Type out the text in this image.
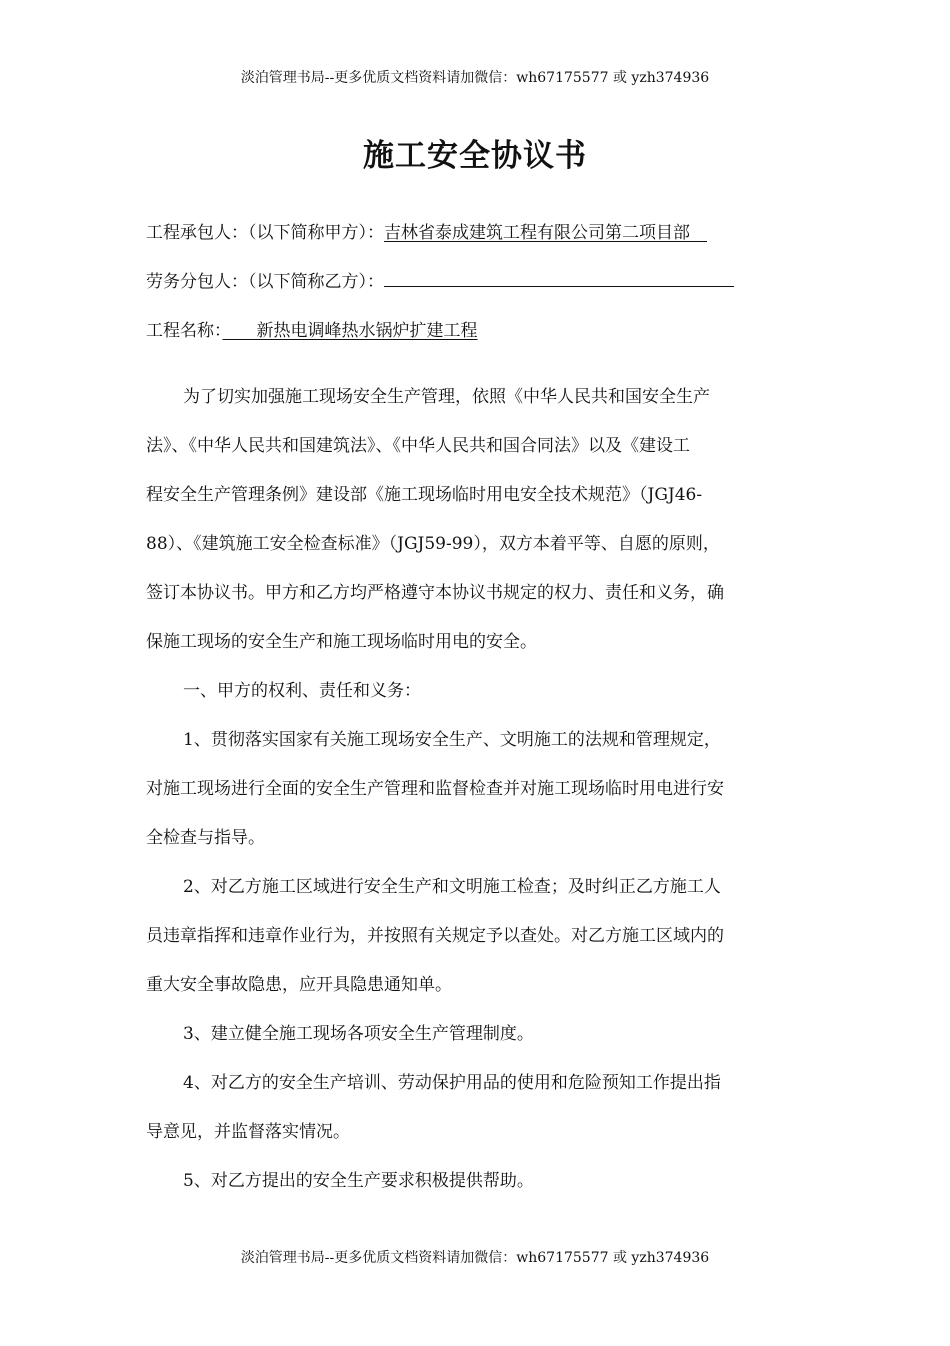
淡泊管理书局--更多优质文档资料请加微信：wh67175577 或 yzh374936
施工安全协议书
工程承包人：（以下简称甲方）：吉林省泰成建筑工程有限公司第二项目部　
劳务分包人：（以下简称乙方）：
工程名称：　　新热电调峰热水锅炉扩建工程

为了切实加强施工现场安全生产管理，依照《中华人民共和国安全生产

法》、《中华人民共和国建筑法》、《中华人民共和国合同法》以及《建设工

程安全生产管理条例》建设部《施工现场临时用电安全技术规范》（JGJ46-

88）、《建筑施工安全检查标准》（JGJ59-99），双方本着平等、自愿的原则，

签订本协议书。甲方和乙方均严格遵守本协议书规定的权力、责任和义务，确

保施工现场的安全生产和施工现场临时用电的安全。

一、甲方的权利、责任和义务：

1、贯彻落实国家有关施工现场安全生产、文明施工的法规和管理规定，

对施工现场进行全面的安全生产管理和监督检查并对施工现场临时用电进行安

全检查与指导。

2、对乙方施工区域进行安全生产和文明施工检查；及时纠正乙方施工人

员违章指挥和违章作业行为，并按照有关规定予以查处。对乙方施工区域内的

重大安全事故隐患，应开具隐患通知单。

3、建立健全施工现场各项安全生产管理制度。

4、对乙方的安全生产培训、劳动保护用品的使用和危险预知工作提出指

导意见，并监督落实情况。

5、对乙方提出的安全生产要求积极提供帮助。

淡泊管理书局--更多优质文档资料请加微信：wh67175577 或 yzh374936
